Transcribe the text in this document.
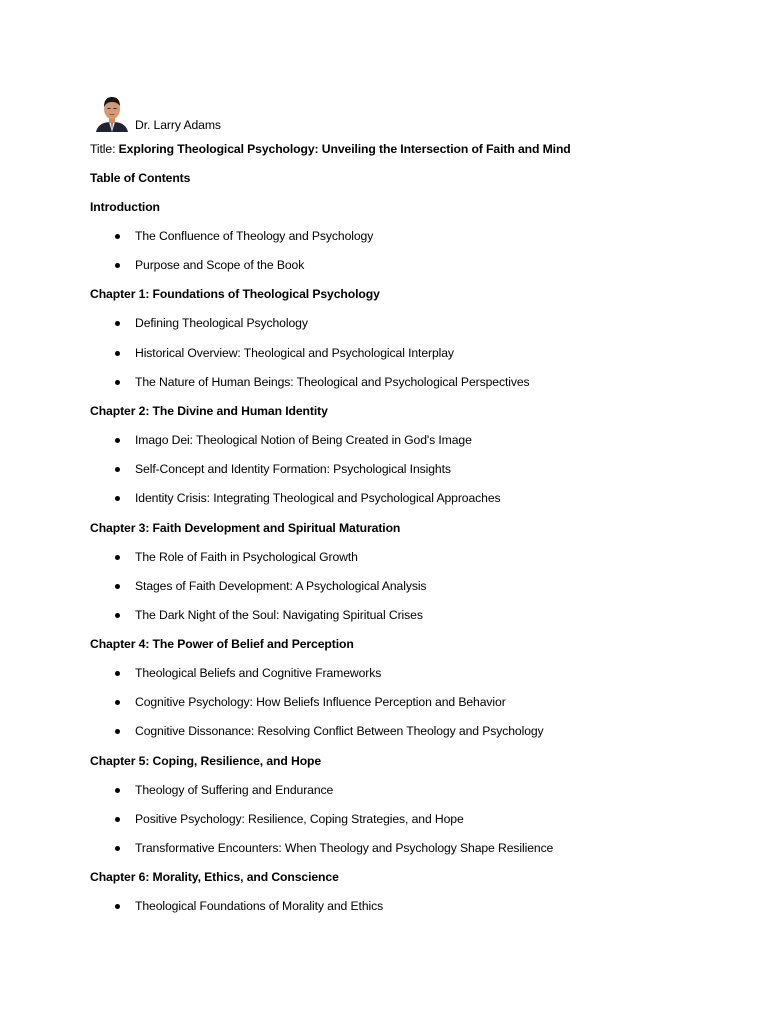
Dr. Larry Adams
Title: Exploring Theological Psychology: Unveiling the Intersection of Faith and Mind
Table of Contents
Introduction
The Confluence of Theology and Psychology
Purpose and Scope of the Book
Chapter 1: Foundations of Theological Psychology
Defining Theological Psychology
Historical Overview: Theological and Psychological Interplay
The Nature of Human Beings: Theological and Psychological Perspectives
Chapter 2: The Divine and Human Identity
Imago Dei: Theological Notion of Being Created in God's Image
Self-Concept and Identity Formation: Psychological Insights
Identity Crisis: Integrating Theological and Psychological Approaches
Chapter 3: Faith Development and Spiritual Maturation
The Role of Faith in Psychological Growth
Stages of Faith Development: A Psychological Analysis
The Dark Night of the Soul: Navigating Spiritual Crises
Chapter 4: The Power of Belief and Perception
Theological Beliefs and Cognitive Frameworks
Cognitive Psychology: How Beliefs Influence Perception and Behavior
Cognitive Dissonance: Resolving Conflict Between Theology and Psychology
Chapter 5: Coping, Resilience, and Hope
Theology of Suffering and Endurance
Positive Psychology: Resilience, Coping Strategies, and Hope
Transformative Encounters: When Theology and Psychology Shape Resilience
Chapter 6: Morality, Ethics, and Conscience
Theological Foundations of Morality and Ethics
